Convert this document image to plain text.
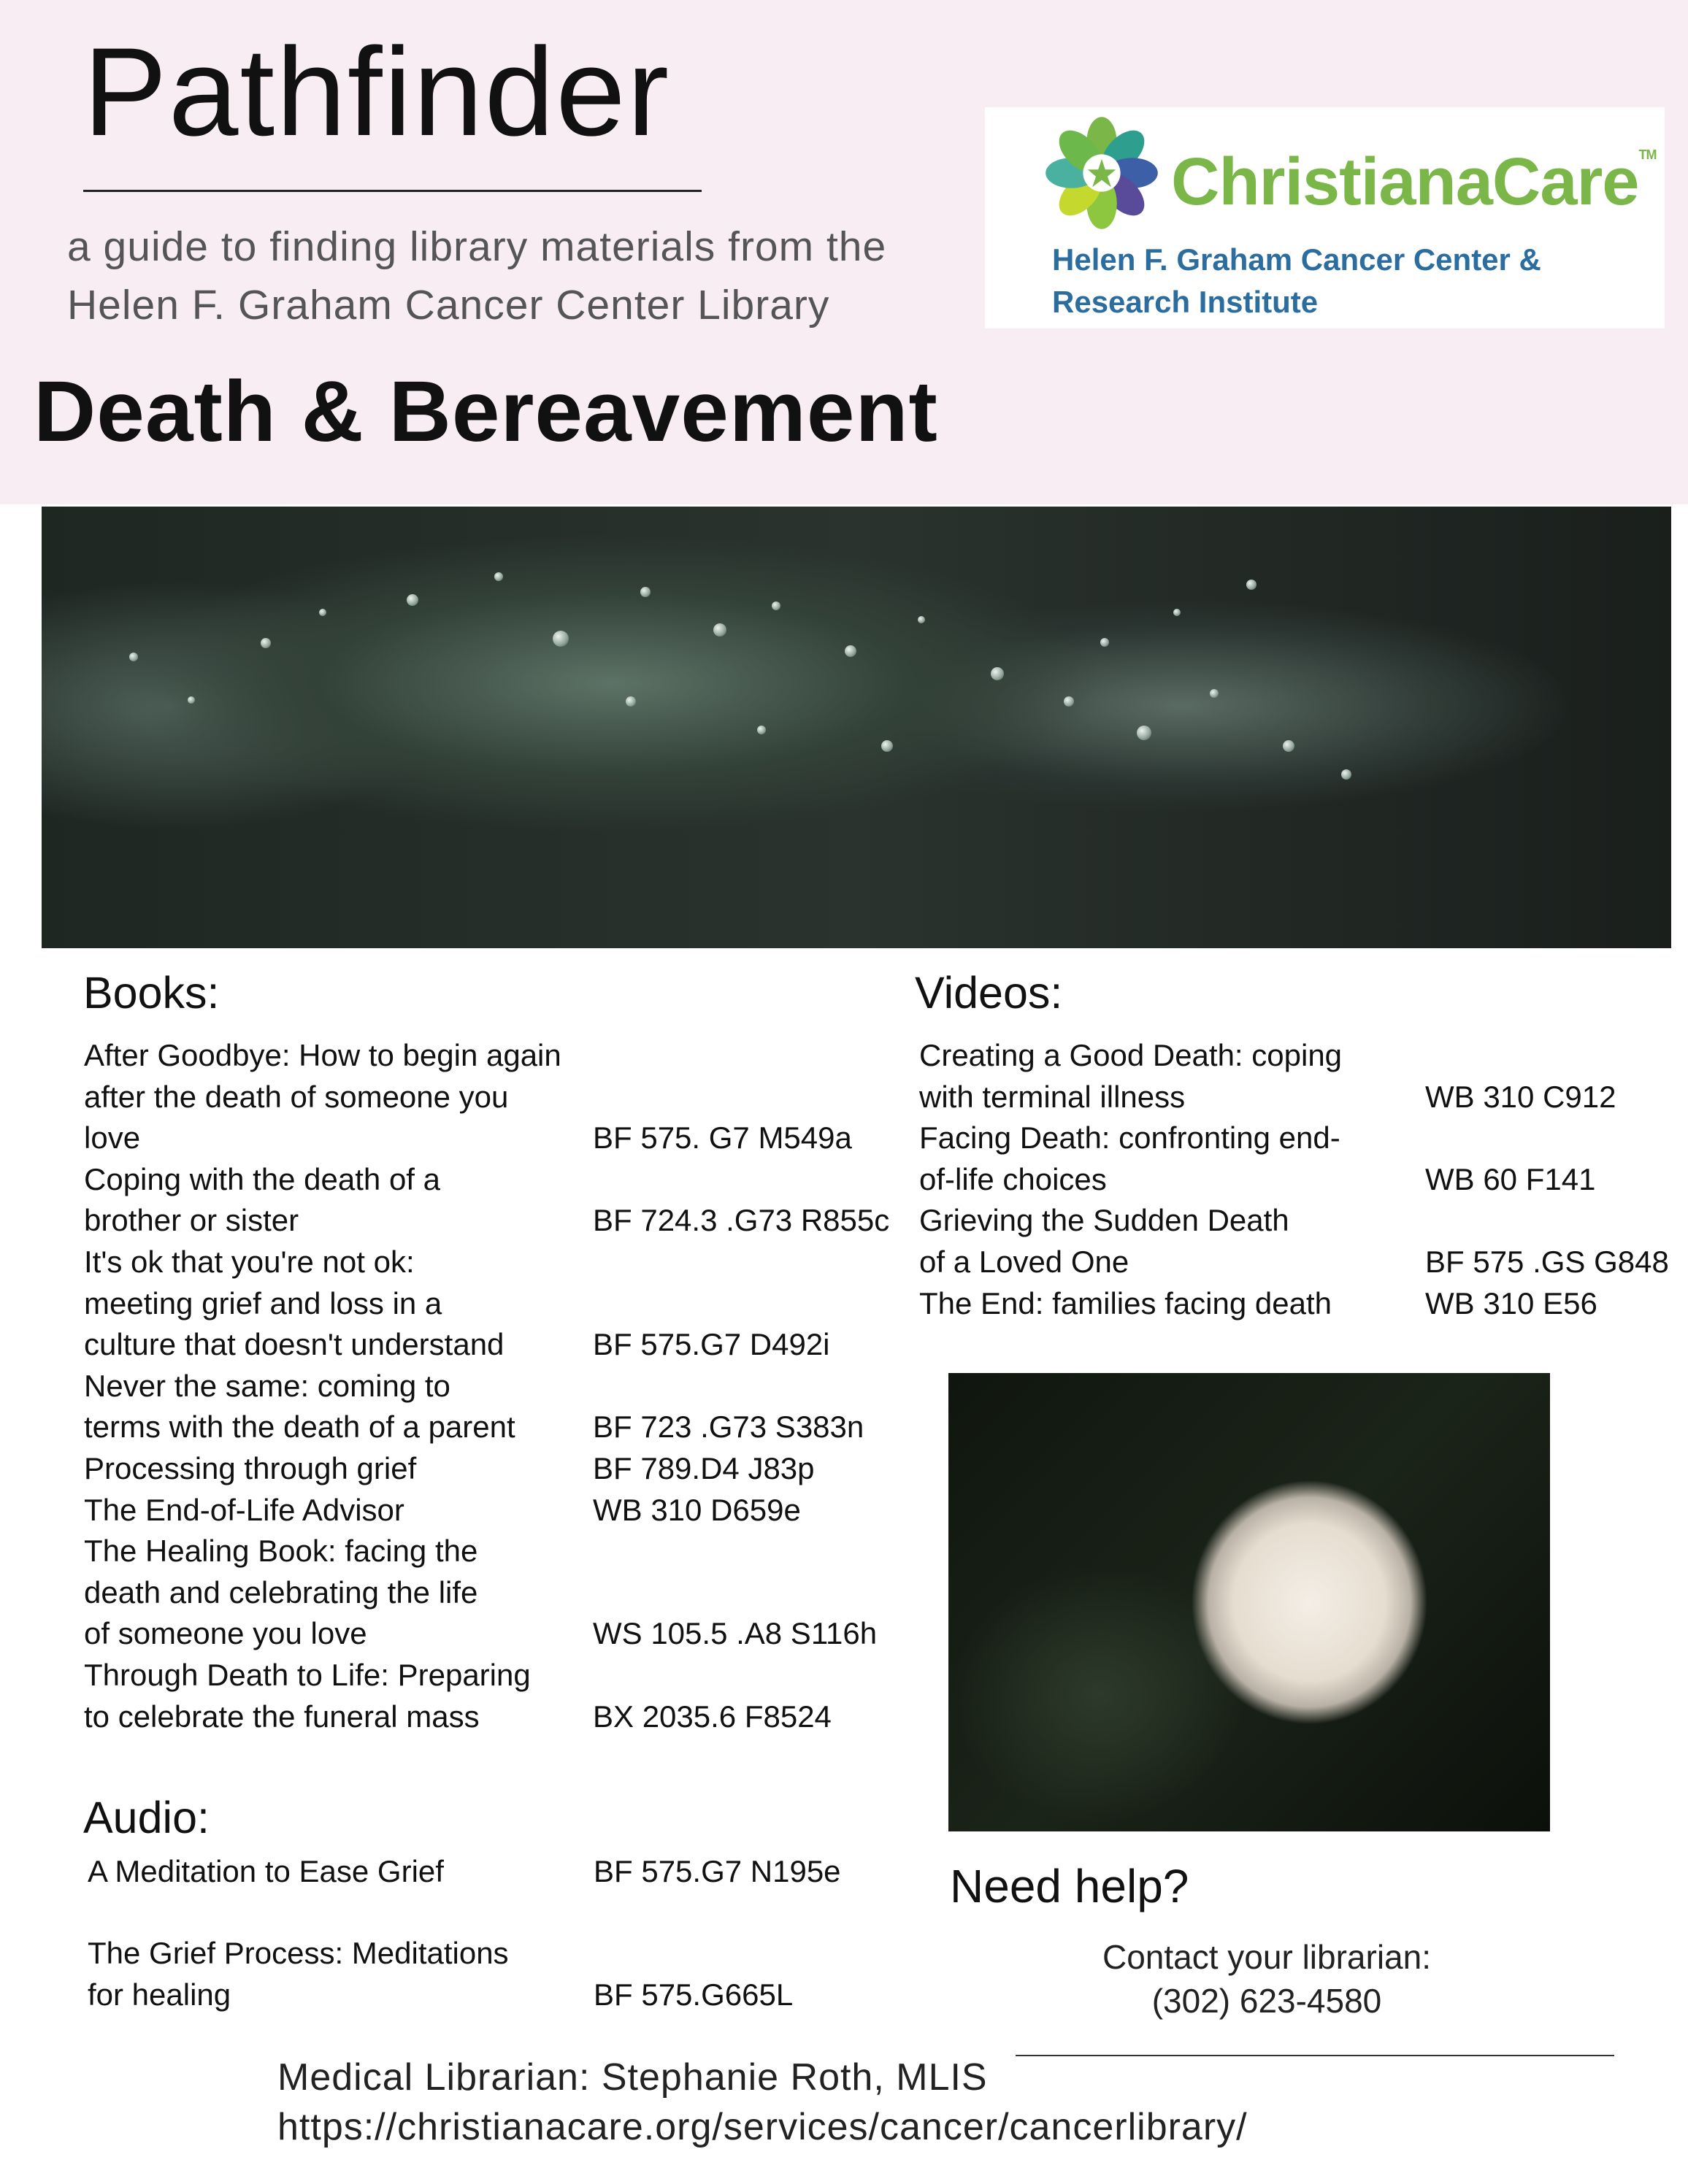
Pathfinder
a guide to finding library materials from the
Helen F. Graham Cancer Center Library
ChristianaCare™
Helen F. Graham Cancer Center &
Research Institute
Death & Bereavement
Books:	Videos:
Audio:
After Goodbye: How to begin again
after the death of someone you
love	BF 575. G7 M549a
Coping with the death of a
brother or sister	BF 724.3 .G73 R855c
It's ok that you're not ok:
meeting grief and loss in a
culture that doesn't understand	BF 575.G7 D492i
Never the same: coming to
terms with the death of a parent	BF 723 .G73 S383n
Processing through grief	BF 789.D4 J83p
The End-of-Life Advisor	WB 310 D659e
The Healing Book: facing the
death and celebrating the life
of someone you love	WS 105.5 .A8 S116h
Through Death to Life: Preparing
to celebrate the funeral mass	BX 2035.6 F8524
Creating a Good Death: coping
with terminal illness	WB 310 C912
Facing Death: confronting end-
of-life choices	WB 60 F141
Grieving the Sudden Death
of a Loved One	BF 575 .GS G848
The End: families facing death	WB 310 E56
A Meditation to Ease Grief	BF 575.G7 N195e
The Grief Process: Meditations
for healing	BF 575.G665L
Need help?
Contact your librarian:
(302) 623-4580
Medical Librarian: Stephanie Roth, MLIS
https://christianacare.org/services/cancer/cancerlibrary/
